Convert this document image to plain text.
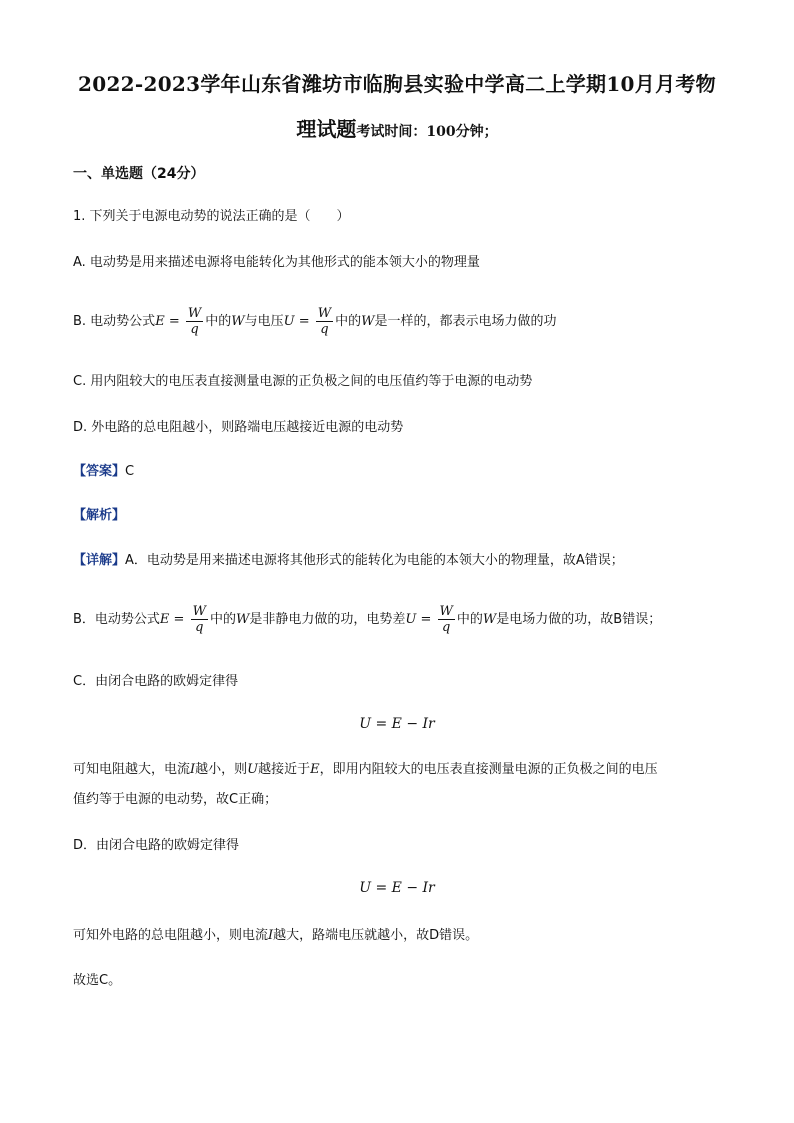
2022-2023学年山东省潍坊市临朐县实验中学高二上学期10月月考物
理试题考试时间：100分钟；
一、单选题（24分）
1. 下列关于电源电动势的说法正确的是（　　）
A. 电动势是用来描述电源将电能转化为其他形式的能本领大小的物理量
B. 电动势公式$E = \frac{W}{q}$ 中的W与电压$U = \frac{W}{q}$ 中的W是一样的，都表示电场力做的功
C. 用内阻较大的电压表直接测量电源的正负极之间的电压值约等于电源的电动势
D. 外电路的总电阻越小，则路端电压越接近电源的电动势
【答案】C
【解析】
【详解】A．电动势是用来描述电源将其他形式的能转化为电能的本领大小的物理量，故A错误；
B．电动势公式$E = \frac{W}{q}$ 中的W是非静电力做的功，电势差$U = \frac{W}{q}$ 中的W是电场力做的功，故B错误；
C．由闭合电路的欧姆定律得
U = E − Ir
可知电阻越大，电流I越小，则U越接近于E，即用内阻较大的电压表直接测量电源的正负极之间的电压
值约等于电源的电动势，故C正确；
D．由闭合电路的欧姆定律得
U = E − Ir
可知外电路的总电阻越小，则电流I越大，路端电压就越小，故D错误。
故选C。
